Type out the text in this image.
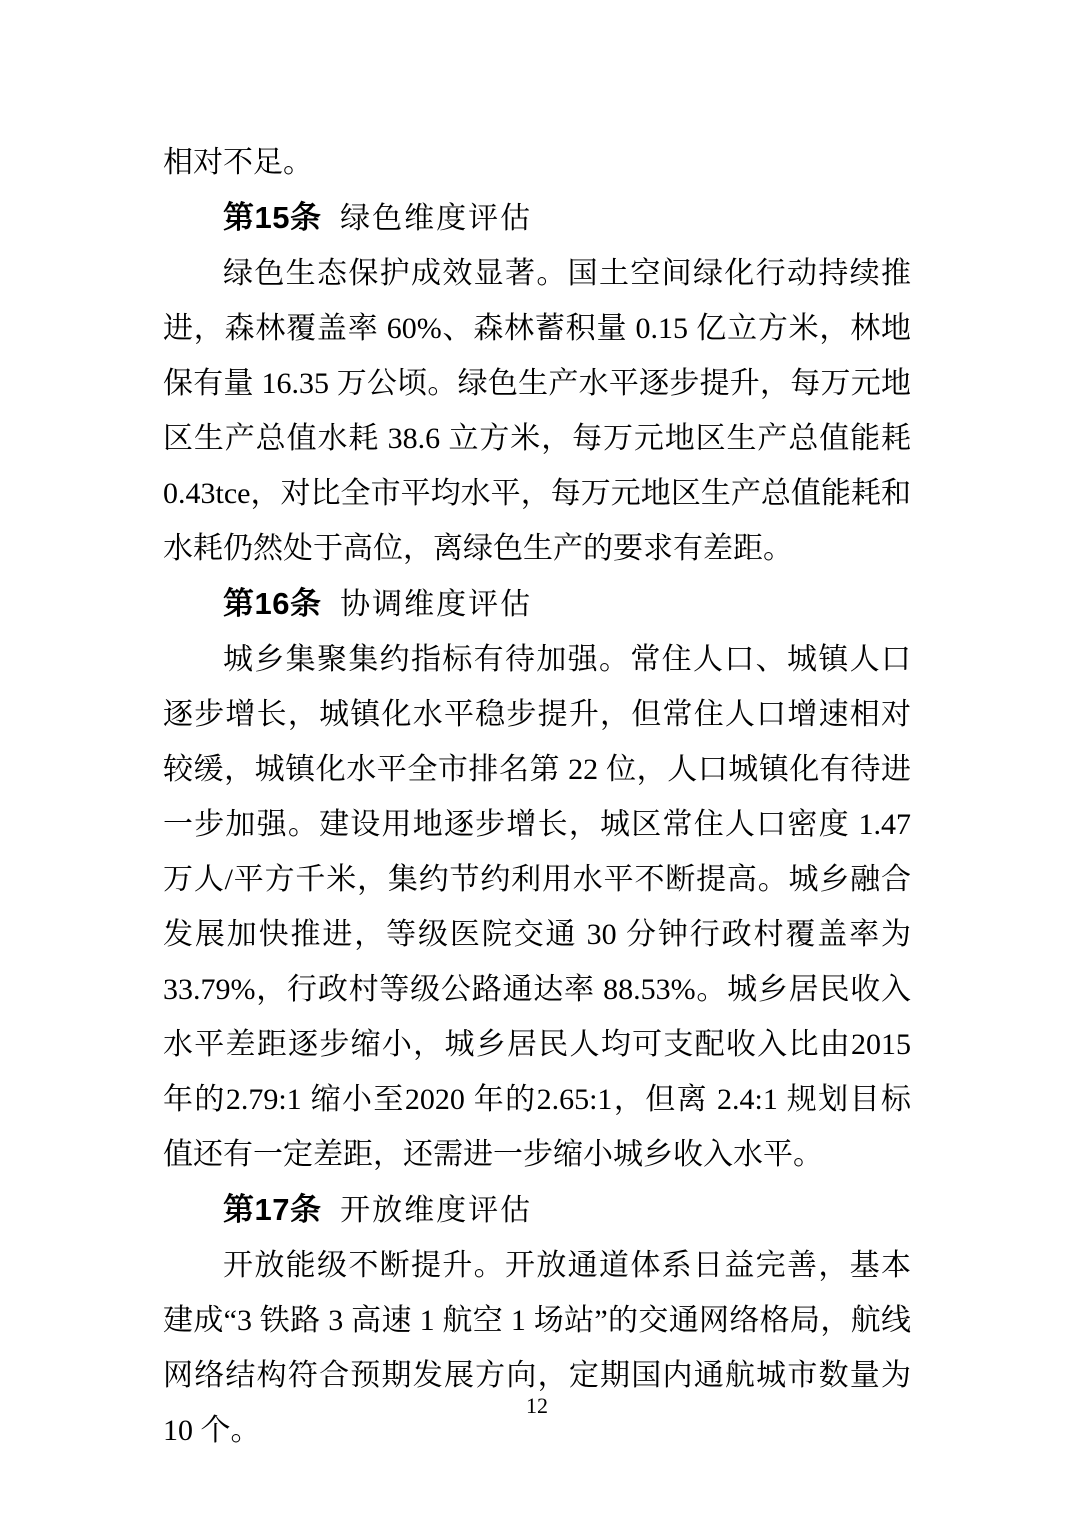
相对不足。

第15条 绿色维度评估

绿色生态保护成效显著。国土空间绿化行动持续推进，森林覆盖率 60%、森林蓄积量 0.15 亿立方米，林地保有量 16.35 万公顷。绿色生产水平逐步提升，每万元地区生产总值水耗 38.6 立方米，每万元地区生产总值能耗0.43tce，对比全市平均水平，每万元地区生产总值能耗和水耗仍然处于高位，离绿色生产的要求有差距。

第16条 协调维度评估

城乡集聚集约指标有待加强。常住人口、城镇人口逐步增长，城镇化水平稳步提升，但常住人口增速相对较缓，城镇化水平全市排名第 22 位，人口城镇化有待进一步加强。建设用地逐步增长，城区常住人口密度 1.47 万人/平方千米，集约节约利用水平不断提高。城乡融合发展加快推进，等级医院交通 30 分钟行政村覆盖率为 33.79%，行政村等级公路通达率 88.53%。城乡居民收入水平差距逐步缩小，城乡居民人均可支配收入比由2015 年的2.79:1 缩小至2020 年的2.65:1，但离 2.4:1 规划目标值还有一定差距，还需进一步缩小城乡收入水平。

第17条 开放维度评估

开放能级不断提升。开放通道体系日益完善，基本建成“3 铁路 3 高速 1 航空 1 场站”的交通网络格局，航线网络结构符合预期发展方向，定期国内通航城市数量为 10 个。

12
